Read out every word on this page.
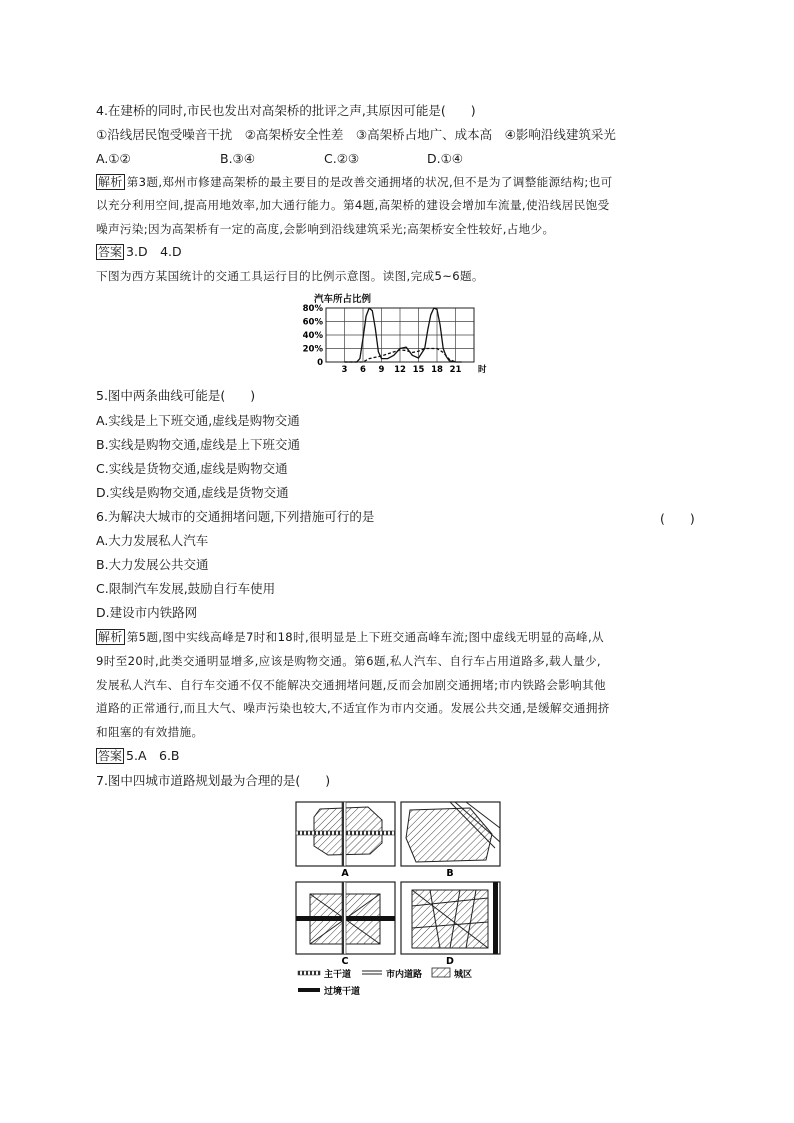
4.在建桥的同时,市民也发出对高架桥的批评之声,其原因可能是(　　)
①沿线居民饱受噪音干扰　②高架桥安全性差　③高架桥占地广、成本高　④影响沿线建筑采光
A.①②	B.③④	C.②③	D.①④
解析 第3题,郑州市修建高架桥的最主要目的是改善交通拥堵的状况,但不是为了调整能源结构;也可
以充分利用空间,提高用地效率,加大通行能力。第4题,高架桥的建设会增加车流量,使沿线居民饱受
噪声污染;因为高架桥有一定的高度,会影响到沿线建筑采光;高架桥安全性较好,占地少。
答案 3.D　4.D
下图为西方某国统计的交通工具运行目的比例示意图。读图,完成5~6题。
汽车所占比例
3 6 9 12 15 18 21
0
20%
40%
60%
80%
时
5.图中两条曲线可能是(　　)
A.实线是上下班交通,虚线是购物交通
B.实线是购物交通,虚线是上下班交通
C.实线是货物交通,虚线是购物交通
D.实线是购物交通,虚线是货物交通
6.为解决大城市的交通拥堵问题,下列措施可行的是	(　　)
A.大力发展私人汽车
B.大力发展公共交通
C.限制汽车发展,鼓励自行车使用
D.建设市内铁路网
解析 第5题,图中实线高峰是7时和18时,很明显是上下班交通高峰车流;图中虚线无明显的高峰,从
9时至20时,此类交通明显增多,应该是购物交通。第6题,私人汽车、自行车占用道路多,载人量少,
发展私人汽车、自行车交通不仅不能解决交通拥堵问题,反而会加剧交通拥堵;市内铁路会影响其他
道路的正常通行,而且大气、噪声污染也较大,不适宜作为市内交通。发展公共交通,是缓解交通拥挤
和阻塞的有效措施。
答案 5.A　6.B
7.图中四城市道路规划最为合理的是(　　)
A	B
C	D
主干道	市内道路	城区
过境干道
